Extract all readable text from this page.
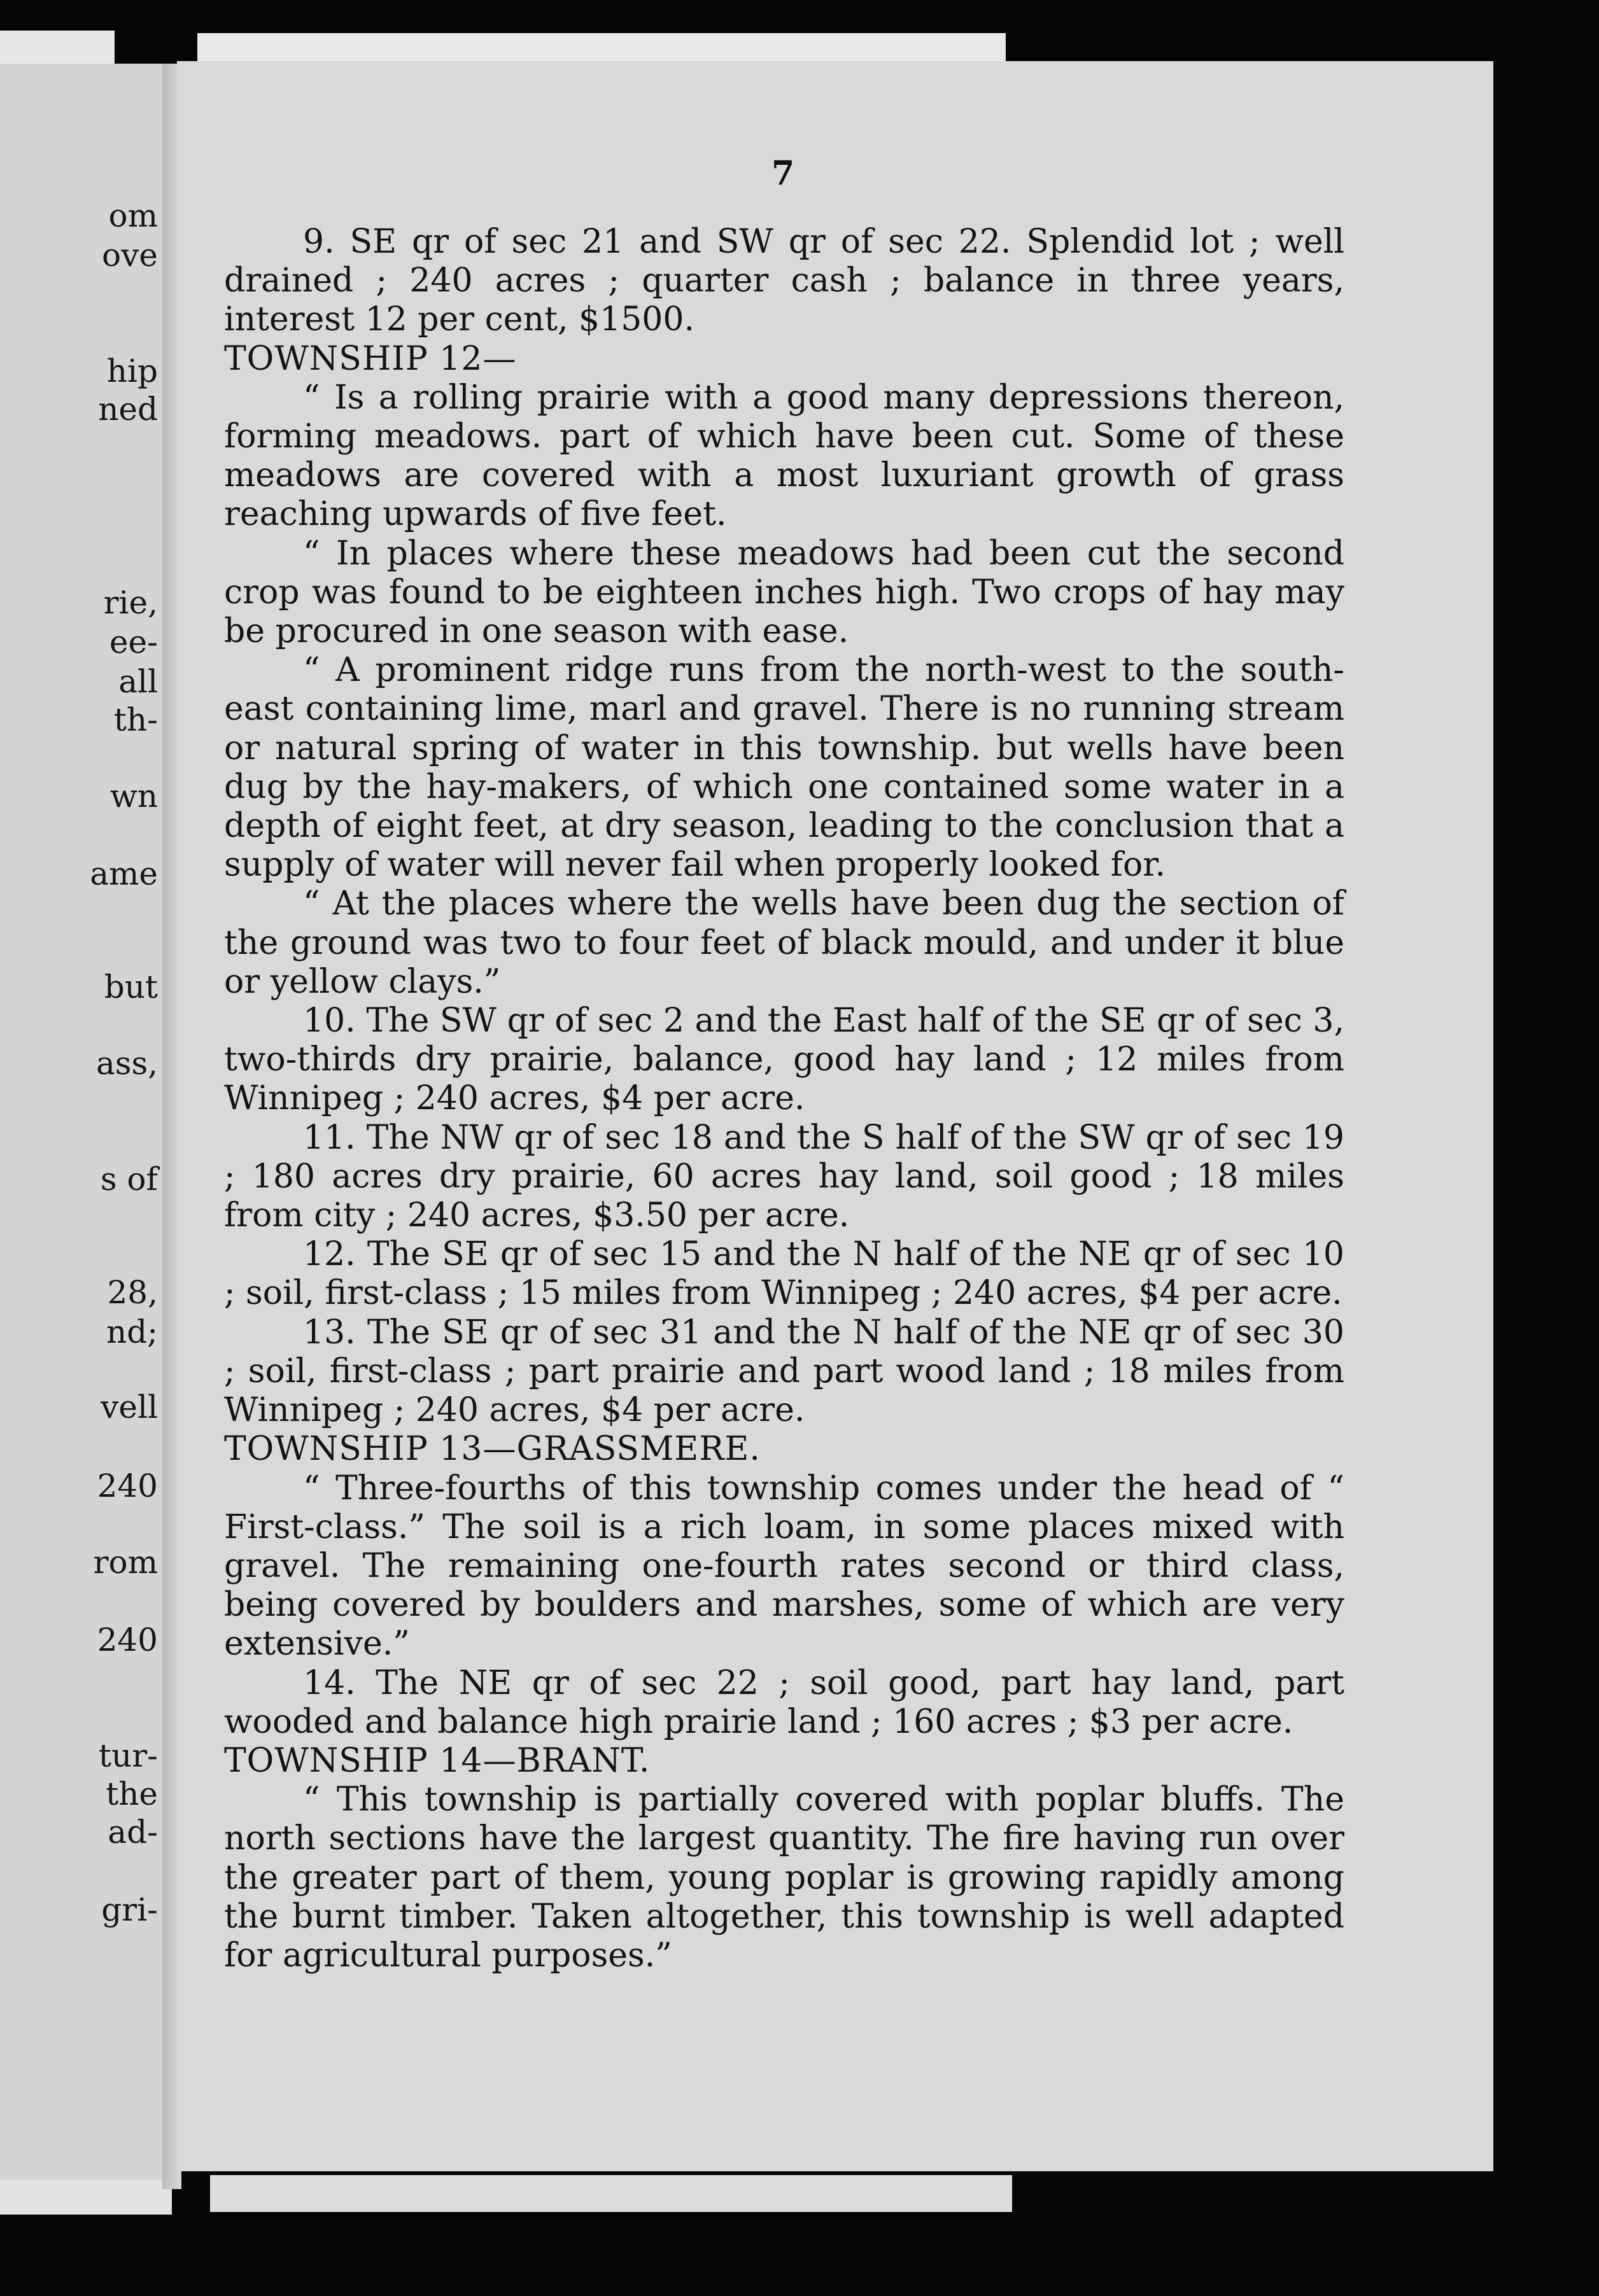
om
ove
hip
ned
rie,
ee-
all
th-
wn
ame
but
ass,
s of
28,
nd;
vell
240
rom
240
tur-
the
ad-
gri-
7

9. SE qr of sec 21 and SW qr of sec 22. Splendid lot ; well drained ; 240 acres ; quarter cash ; balance in three years, interest 12 per cent, $1500.

TOWNSHIP 12—

“ Is a rolling prairie with a good many depressions thereon, forming meadows. part of which have been cut. Some of these meadows are covered with a most luxuriant growth of grass reaching upwards of five feet.

“ In places where these meadows had been cut the second crop was found to be eighteen inches high. Two crops of hay may be procured in one season with ease.

“ A prominent ridge runs from the north-west to the south-east containing lime, marl and gravel. There is no running stream or natural spring of water in this township. but wells have been dug by the hay-makers, of which one contained some water in a depth of eight feet, at dry season, leading to the conclusion that a supply of water will never fail when properly looked for.

“ At the places where the wells have been dug the section of the ground was two to four feet of black mould, and under it blue or yellow clays.”

10. The SW qr of sec 2 and the East half of the SE qr of sec 3, two-thirds dry prairie, balance, good hay land ; 12 miles from Winnipeg ; 240 acres, $4 per acre.

11. The NW qr of sec 18 and the S half of the SW qr of sec 19 ; 180 acres dry prairie, 60 acres hay land, soil good ; 18 miles from city ; 240 acres, $3.50 per acre.

12. The SE qr of sec 15 and the N half of the NE qr of sec 10 ; soil, first-class ; 15 miles from Winnipeg ; 240 acres, $4 per acre.

13. The SE qr of sec 31 and the N half of the NE qr of sec 30 ; soil, first-class ; part prairie and part wood land ; 18 miles from Winnipeg ; 240 acres, $4 per acre.

TOWNSHIP 13—GRASSMERE.

“ Three-fourths of this township comes under the head of “ First-class.” The soil is a rich loam, in some places mixed with gravel. The remaining one-fourth rates second or third class, being covered by boulders and marshes, some of which are very extensive.”

14. The NE qr of sec 22 ; soil good, part hay land, part wooded and balance high prairie land ; 160 acres ; $3 per acre.

TOWNSHIP 14—BRANT.

“ This township is partially covered with poplar bluffs. The north sections have the largest quantity. The fire having run over the greater part of them, young poplar is growing rapidly among the burnt timber. Taken altogether, this township is well adapted for agricultural purposes.”
